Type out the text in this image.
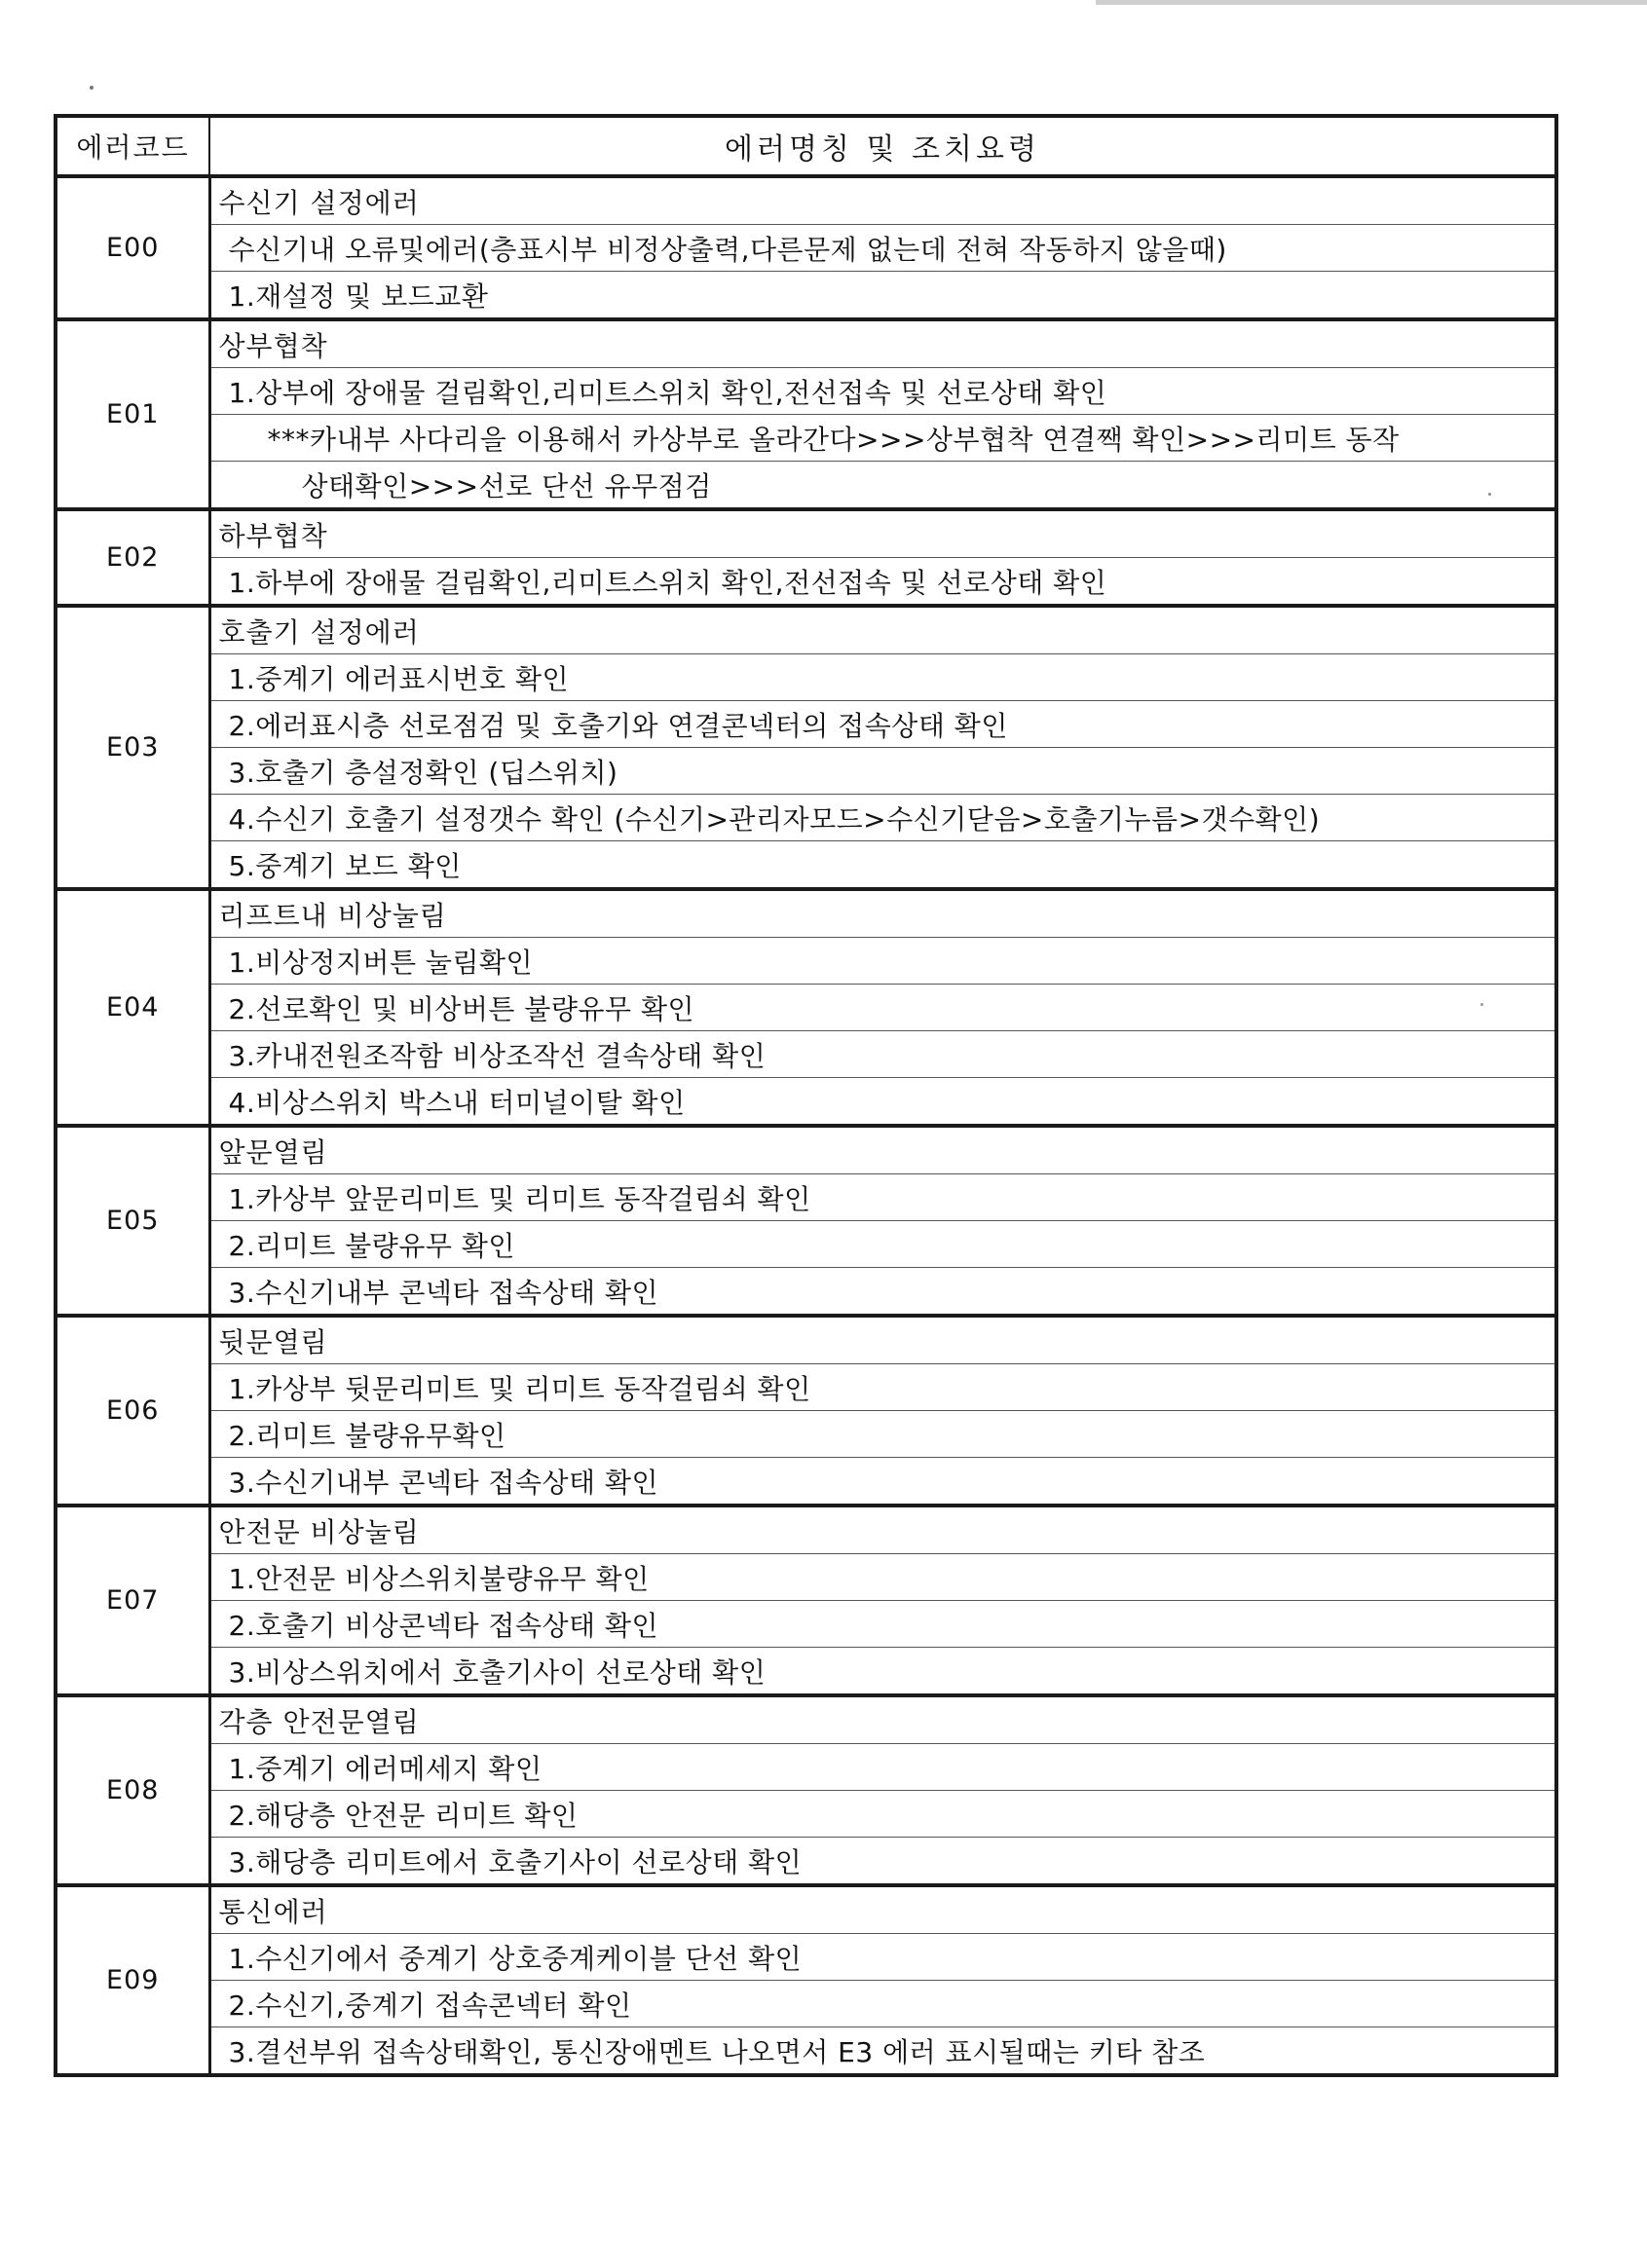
에러코드	에러명칭 및 조치요령
E00	수신기 설정에러
	수신기내 오류및에러(층표시부 비정상출력,다른문제 없는데 전혀 작동하지 않을때)
	1.재설정 및 보드교환
E01	상부협착
	1.상부에 장애물 걸림확인,리미트스위치 확인,전선접속 및 선로상태 확인
	***카내부 사다리을 이용해서 카상부로 올라간다>>>상부협착 연결짹 확인>>>리미트 동작
	상태확인>>>선로 단선 유무점검
E02	하부협착
	1.하부에 장애물 걸림확인,리미트스위치 확인,전선접속 및 선로상태 확인
E03	호출기 설정에러
	1.중계기 에러표시번호 확인
	2.에러표시층 선로점검 및 호출기와 연결콘넥터의 접속상태 확인
	3.호출기 층설정확인 (딥스위치)
	4.수신기 호출기 설정갯수 확인 (수신기>관리자모드>수신기닫음>호출기누름>갯수확인)
	5.중계기 보드 확인
E04	리프트내 비상눌림
	1.비상정지버튼 눌림확인
	2.선로확인 및 비상버튼 불량유무 확인
	3.카내전원조작함 비상조작선 결속상태 확인
	4.비상스위치 박스내 터미널이탈 확인
E05	앞문열림
	1.카상부 앞문리미트 및 리미트 동작걸림쇠 확인
	2.리미트 불량유무 확인
	3.수신기내부 콘넥타 접속상태 확인
E06	뒷문열림
	1.카상부 뒷문리미트 및 리미트 동작걸림쇠 확인
	2.리미트 불량유무확인
	3.수신기내부 콘넥타 접속상태 확인
E07	안전문 비상눌림
	1.안전문 비상스위치불량유무 확인
	2.호출기 비상콘넥타 접속상태 확인
	3.비상스위치에서 호출기사이 선로상태 확인
E08	각층 안전문열림
	1.중계기 에러메세지 확인
	2.해당층 안전문 리미트 확인
	3.해당층 리미트에서 호출기사이 선로상태 확인
E09	통신에러
	1.수신기에서 중계기 상호중계케이블 단선 확인
	2.수신기,중계기 접속콘넥터 확인
	3.결선부위 접속상태확인, 통신장애멘트 나오면서 E3 에러 표시될때는 키타 참조
